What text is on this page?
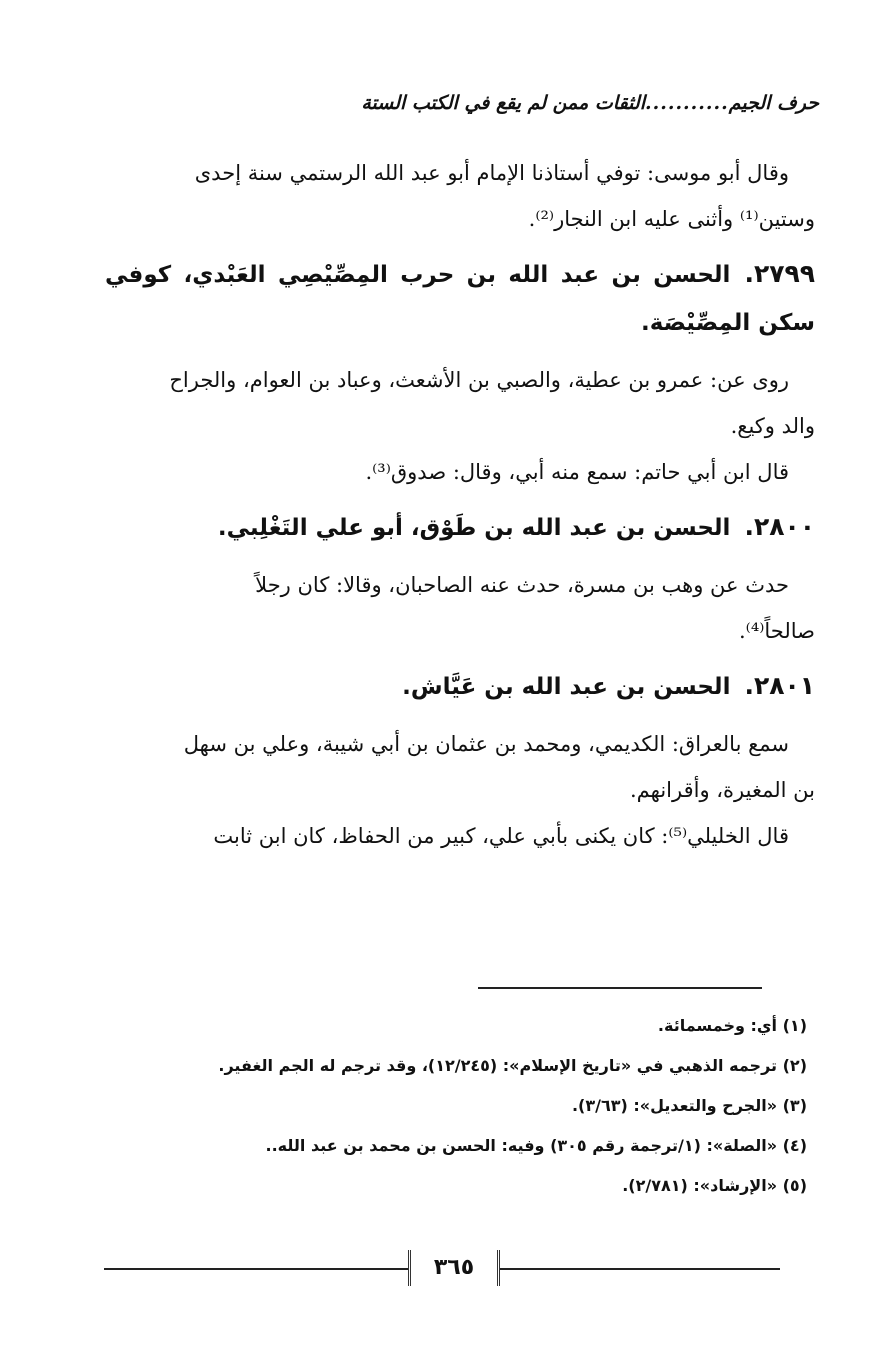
حرف الجيم
...........
الثقات ممن لم يقع في الكتب الستة

وقال أبو موسى: توفي أستاذنا الإمام أبو عبد الله الرستمي سنة إحدى

وستين⁽¹⁾ وأثنى عليه ابن النجار⁽²⁾.

٢٧٩٩.الحسن بن عبد الله بن حرب المِصِّيْصِي العَبْدي، كوفي سكن المِصِّيْصَة.

روى عن: عمرو بن عطية، والصبي بن الأشعث، وعباد بن العوام، والجراح

والد وكيع.

قال ابن أبي حاتم: سمع منه أبي، وقال: صدوق⁽³⁾.

٢٨٠٠.الحسن بن عبد الله بن طَوْق، أبو علي التَغْلِبي.

حدث عن وهب بن مسرة، حدث عنه الصاحبان، وقالا: كان رجلاً

صالحاً⁽⁴⁾.

٢٨٠١.الحسن بن عبد الله بن عَيَّاش.

سمع بالعراق: الكديمي، ومحمد بن عثمان بن أبي شيبة، وعلي بن سهل

بن المغيرة، وأقرانهم.

قال الخليلي⁽⁵⁾: كان يكنى بأبي علي، كبير من الحفاظ، كان ابن ثابت

(١) أي: وخمسمائة.
(٢) ترجمه الذهبي في «تاريخ الإسلام»: (١٢/٢٤٥)، وقد ترجم له الجم الغفير.
(٣) «الجرح والتعديل»: (٣/٦٣).
(٤) «الصلة»: (١/ترجمة رقم ٣٠٥) وفيه: الحسن بن محمد بن عبد الله..
(٥) «الإرشاد»: (٢/٧٨١).
٣٦٥
